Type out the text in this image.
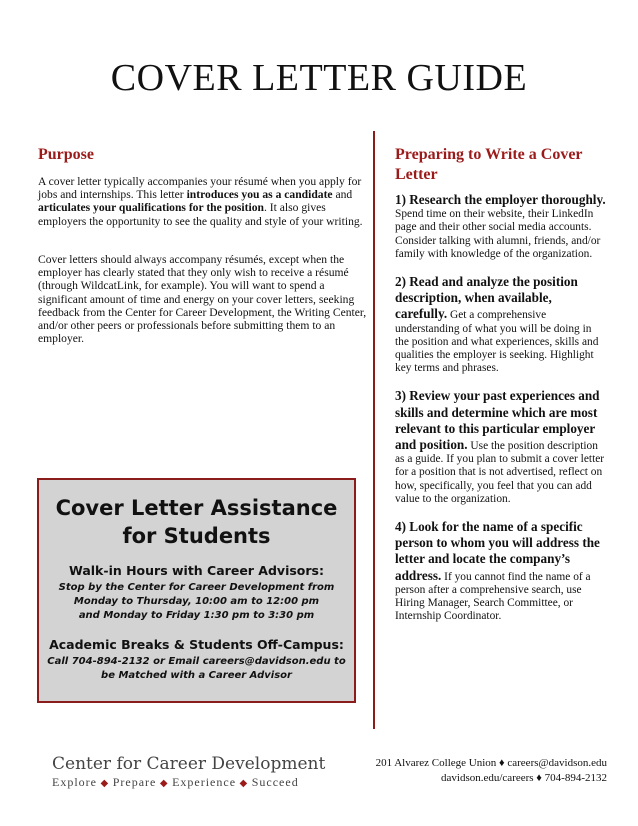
COVER LETTER GUIDE
Purpose

A cover letter typically accompanies your résumé when you apply for jobs and internships. This letter introduces you as a candidate and articulates your qualifications for the position. It also gives employers the opportunity to see the quality and style of your writing.

Cover letters should always accompany résumés, except when the employer has clearly stated that they only wish to receive a résumé (through WildcatLink, for example). You will want to spend a significant amount of time and energy on your cover letters, seeking feedback from the Center for Career Development, the Writing Center, and/or other peers or professionals before submitting them to an employer.

Preparing to Write a Cover Letter

1) Research the employer thoroughly. Spend time on their website, their LinkedIn page and their other social media accounts. Consider talking with alumni, friends, and/or family with knowledge of the organization.

2) Read and analyze the position description, when available, carefully. Get a comprehensive understanding of what you will be doing in the position and what experiences, skills and qualities the employer is seeking. Highlight key terms and phrases.

3) Review your past experiences and skills and determine which are most relevant to this particular employer and position. Use the position description as a guide. If you plan to submit a cover letter for a position that is not advertised, reflect on how, specifically, you feel that you can add value to the organization.

4) Look for the name of a specific person to whom you will address the letter and locate the company’s address. If you cannot find the name of a person after a comprehensive search, use Hiring Manager, Search Committee, or Internship Coordinator.

Cover Letter Assistance
for Students
Walk-in Hours with Career Advisors:

Stop by the Center for Career Development from

Monday to Thursday, 10:00 am to 12:00 pm

and Monday to Friday 1:30 pm to 3:30 pm

Academic Breaks & Students Off-Campus:

Call 704-894-2132 or Email careers@davidson.edu to

be Matched with a Career Advisor

Center for Career Development
Explore ◆ Prepare ◆ Experience ◆ Succeed
201 Alvarez College Union ♦ careers@davidson.edu
davidson.edu/careers ♦ 704-894-2132
